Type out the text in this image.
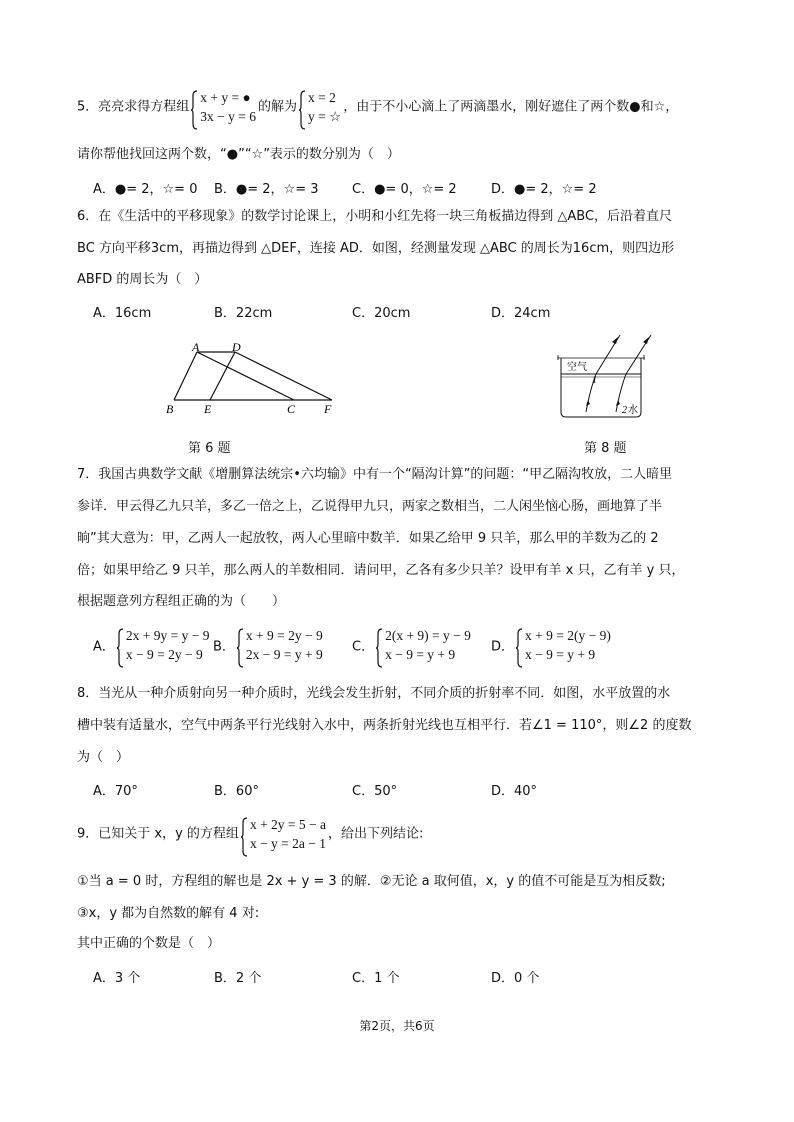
5．亮亮求得方程组
x + y = ●
3x − y = 6
的解为
x = 2
y = ☆
，由于不小心滴上了两滴墨水，刚好遮住了两个数●和☆，
请你帮他找回这两个数，“●”“☆”表示的数分别为（　）
A．●= 2，☆= 0 B．●= 2，☆= 3	C．●= 0，☆= 2	D．●= 2，☆= 2
6．在《生活中的平移现象》的数学讨论课上，小明和小红先将一块三角板描边得到 △ABC，后沿着直尺
BC 方向平移3cm，再描边得到 △DEF，连接 AD．如图，经测量发现 △ABC 的周长为16cm，则四边形
ABFD 的周长为（　）
A．16cm	B．22cm	C．20cm	D．24cm
A	D
B	E	C F
第 6 题
空气
1
2 水
第 8 题
7．我国古典数学文献《增删算法统宗•六均输》中有一个“隔沟计算”的问题：“甲乙隔沟牧放，二人暗里
参详．甲云得乙九只羊，多乙一倍之上，乙说得甲九只，两家之数相当，二人闲坐恼心肠，画地算了半
晌”其大意为：甲，乙两人一起放牧，两人心里暗中数羊．如果乙给甲 9 只羊，那么甲的羊数为乙的 2
倍；如果甲给乙 9 只羊，那么两人的羊数相同．请问甲，乙各有多少只羊？设甲有羊 x 只，乙有羊 y 只，
根据题意列方程组正确的为（　　）
A．
2x + 9y = y − 9
x − 9 = 2y − 9 B．
x + 9 = 2y − 9
2x − 9 = y + 9 C．
2(x + 9) = y − 9
x − 9 = y + 9	D．
x + 9 = 2(y − 9)
x − 9 = y + 9
8．当光从一种介质射向另一种介质时，光线会发生折射，不同介质的折射率不同．如图，水平放置的水
槽中装有适量水，空气中两条平行光线射入水中，两条折射光线也互相平行．若∠1 = 110°，则∠2 的度数
为（　）
A．70°	B．60°	C．50°	D．40°
9．已知关于 x，y 的方程组
x + 2y = 5 − a
x − y = 2a − 1
，给出下列结论:
①当 a = 0 时，方程组的解也是 2x + y = 3 的解．②无论 a 取何值，x，y 的值不可能是互为相反数;
③x，y 都为自然数的解有 4 对:
其中正确的个数是（　）
A．3 个	B．2 个	C．1 个	D．0 个
第2页，共6页
